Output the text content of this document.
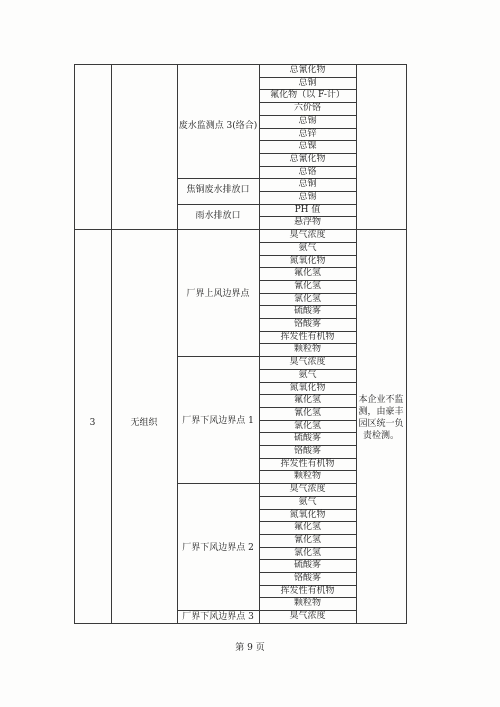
3	无组织
废水监测点 3(络合)
焦铜废水排放口
雨水排放口
厂界上风边界点
厂界下风边界点 1
厂界下风边界点 2
厂界下风边界点 3
总氰化物
总铜
氟化物（以 F-计）
六价铬
总锡
总锌
总镍
总氰化物
总铬
总铜
总锡
PH 值
悬浮物
臭气浓度
氨气
氮氧化物
氟化氢
氰化氢
氯化氢
硫酸雾
铬酸雾
挥发性有机物
颗粒物
臭气浓度
氨气
氮氧化物
氟化氢
氰化氢
氯化氢
硫酸雾
铬酸雾
挥发性有机物
颗粒物
臭气浓度
氨气
氮氧化物
氟化氢
氰化氢
氯化氢
硫酸雾
铬酸雾
挥发性有机物
颗粒物
臭气浓度
本企业不监测，由豪丰园区统一负责检测。
第 9 页
